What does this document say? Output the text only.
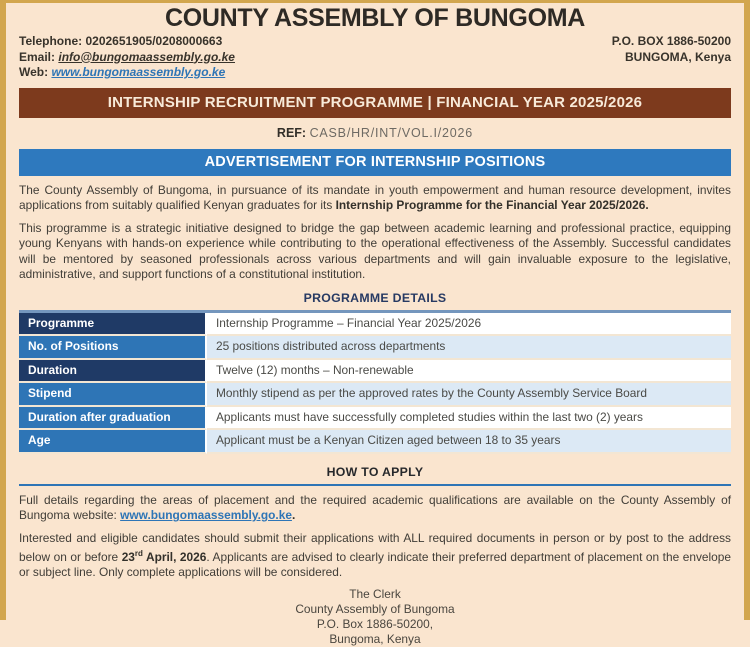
COUNTY ASSEMBLY OF BUNGOMA
Telephone: 0202651905/0208000663
Email: info@bungomaassembly.go.ke
Web: www.bungomaassembly.go.ke
P.O. BOX 1886-50200
BUNGOMA, Kenya
INTERNSHIP RECRUITMENT PROGRAMME | FINANCIAL YEAR 2025/2026
REF: CASB/HR/INT/VOL.I/2026
ADVERTISEMENT FOR INTERNSHIP POSITIONS

The County Assembly of Bungoma, in pursuance of its mandate in youth empowerment and human resource development, invites applications from suitably qualified Kenyan graduates for its Internship Programme for the Financial Year 2025/2026.

This programme is a strategic initiative designed to bridge the gap between academic learning and professional practice, equipping young Kenyans with hands-on experience while contributing to the operational effectiveness of the Assembly. Successful candidates will be mentored by seasoned professionals across various departments and will gain invaluable exposure to the legislative, administrative, and support functions of a constitutional institution.

PROGRAMME DETAILS
Programme	Internship Programme – Financial Year 2025/2026
No. of Positions	25 positions distributed across departments
Duration	Twelve (12) months – Non-renewable
Stipend	Monthly stipend as per the approved rates by the County Assembly Service Board
Duration after graduation	Applicants must have successfully completed studies within the last two (2) years
Age	Applicant must be a Kenyan Citizen aged between 18 to 35 years
HOW TO APPLY

Full details regarding the areas of placement and the required academic qualifications are available on the County Assembly of Bungoma website: www.bungomaassembly.go.ke.

Interested and eligible candidates should submit their applications with ALL required documents in person or by post to the address below on or before 23rd April, 2026. Applicants are advised to clearly indicate their preferred department of placement on the envelope or subject line. Only complete applications will be considered.

The Clerk
County Assembly of Bungoma
P.O. Box 1886-50200,
Bungoma, Kenya
